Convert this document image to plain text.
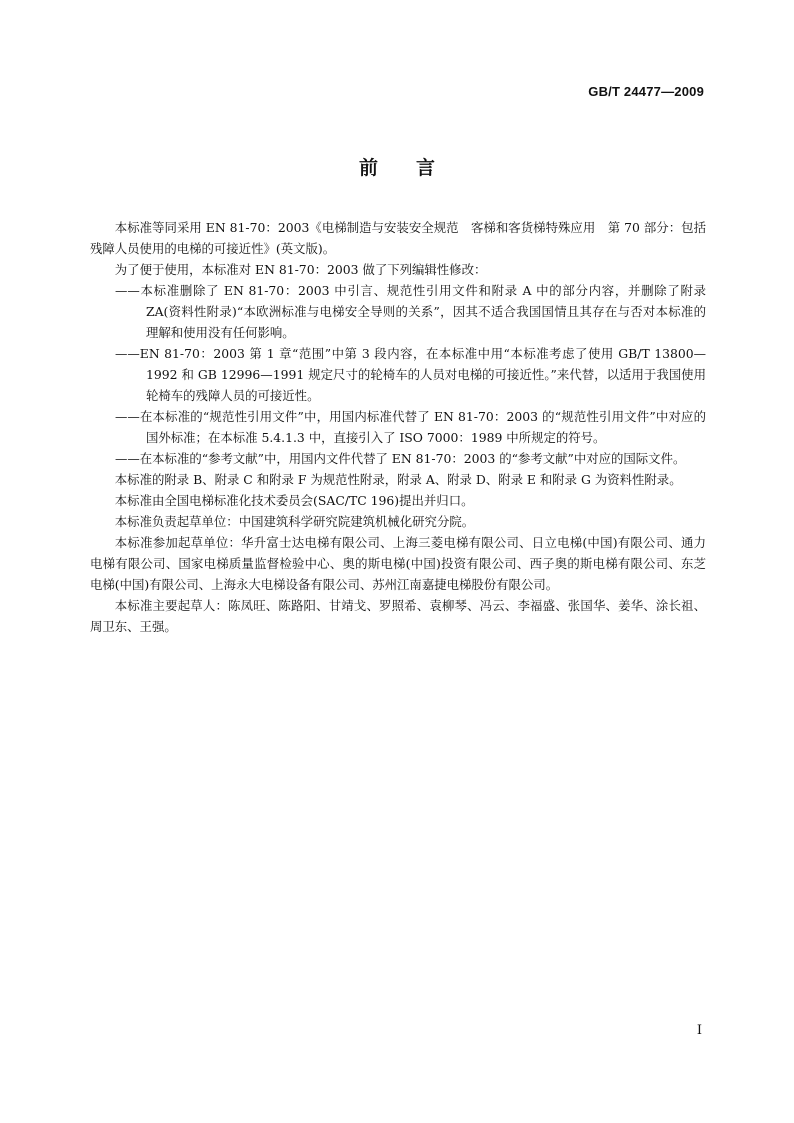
GB/T 24477—2009
前言

本标准等同采用 EN 81-70：2003《电梯制造与安装安全规范　客梯和客货梯特殊应用　第 70 部分：包括残障人员使用的电梯的可接近性》(英文版)。

为了便于使用，本标准对 EN 81-70：2003 做了下列编辑性修改：

——本标准删除了 EN 81-70：2003 中引言、规范性引用文件和附录 A 中的部分内容，并删除了附录 ZA(资料性附录)“本欧洲标准与电梯安全导则的关系”，因其不适合我国国情且其存在与否对本标准的理解和使用没有任何影响。

——EN 81-70：2003 第 1 章“范围”中第 3 段内容，在本标准中用“本标准考虑了使用 GB/T 13800—1992 和 GB 12996—1991 规定尺寸的轮椅车的人员对电梯的可接近性。”来代替，以适用于我国使用轮椅车的残障人员的可接近性。

——在本标准的“规范性引用文件”中，用国内标准代替了 EN 81-70：2003 的“规范性引用文件”中对应的国外标准；在本标准 5.4.1.3 中，直接引入了 ISO 7000：1989 中所规定的符号。

——在本标准的“参考文献”中，用国内文件代替了 EN 81-70：2003 的“参考文献”中对应的国际文件。

本标准的附录 B、附录 C 和附录 F 为规范性附录，附录 A、附录 D、附录 E 和附录 G 为资料性附录。

本标准由全国电梯标准化技术委员会(SAC/TC 196)提出并归口。

本标准负责起草单位：中国建筑科学研究院建筑机械化研究分院。

本标准参加起草单位：华升富士达电梯有限公司、上海三菱电梯有限公司、日立电梯(中国)有限公司、通力电梯有限公司、国家电梯质量监督检验中心、奥的斯电梯(中国)投资有限公司、西子奥的斯电梯有限公司、东芝电梯(中国)有限公司、上海永大电梯设备有限公司、苏州江南嘉捷电梯股份有限公司。

本标准主要起草人：陈凤旺、陈路阳、甘靖戈、罗照希、袁柳琴、冯云、李福盛、张国华、姜华、涂长祖、周卫东、王强。

Ⅰ
